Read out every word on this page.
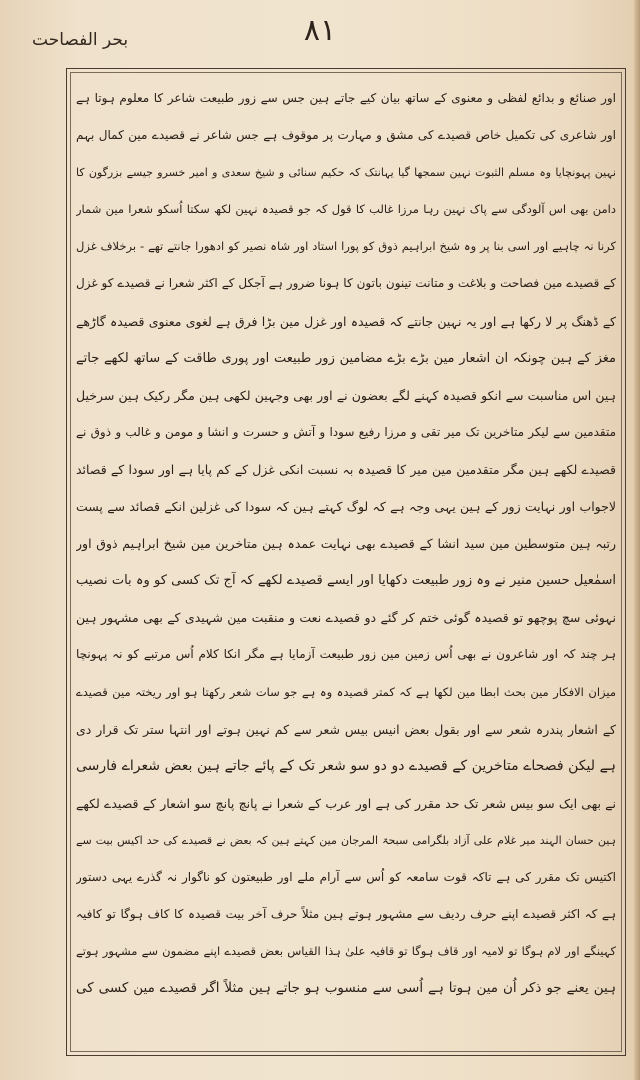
۸۱
بحر الفصاحت
اور صنائع و بدائع لفظی و معنوی کے ساتھ بیان کیے جاتے ہین جس سے زور طبیعت شاعر کا معلوم ہوتا ہے
اور شاعری کی تکمیل خاص قصیدے کی مشق و مہارت پر موقوف ہے جس شاعر نے قصیدے مین کمال بہم
نہین پہونچایا وہ مسلم الثبوت نہین سمجھا گیا یہانتک کہ حکیم سنائی و شیخ سعدی و امیر خسرو جیسے بزرگون کا
دامن بھی اس آلودگی سے پاک نہین رہا مرزا غالب کا قول کہ جو قصیدہ نہین لکھ سکتا اُسکو شعرا مین شمار
کرنا نہ چاہیے اور اسی بنا پر وہ شیخ ابراہیم ذوق کو پورا استاد اور شاہ نصیر کو ادھورا جانتے تھے - برخلاف غزل
کے قصیدے مین فصاحت و بلاغت و متانت تینون باتون کا ہونا ضرور ہے آجکل کے اکثر شعرا نے قصیدے کو غزل
کے ڈھنگ پر لا رکھا ہے اور یہ نہین جانتے کہ قصیدہ اور غزل مین بڑا فرق ہے لغوی معنوی قصیدہ گاڑھے
مغز کے ہین چونکہ ان اشعار مین بڑے بڑے مضامین زور طبیعت اور پوری طاقت کے ساتھ لکھے جاتے
ہین اس مناسبت سے انکو قصیدہ کہنے لگے بعضون نے اور بھی وجہین لکھی ہین مگر رکیک ہین سرخیل
متقدمین سے لیکر متاخرین تک میر تقی و مرزا رفیع سودا و آتش و حسرت و انشا و مومن و غالب و ذوق نے
قصیدے لکھے ہین مگر متقدمین مین میر کا قصیدہ بہ نسبت انکی غزل کے کم پایا ہے اور سودا کے قصائد
لاجواب اور نہایت زور کے ہین یہی وجہ ہے کہ لوگ کہتے ہین کہ سودا کی غزلین انکے قصائد سے پست
رتبہ ہین متوسطین مین سید انشا کے قصیدے بھی نہایت عمدہ ہین متاخرین مین شیخ ابراہیم ذوق اور
اسمٰعیل حسین منیر نے وہ زور طبیعت دکھایا اور ایسے قصیدے لکھے کہ آج تک کسی کو وہ بات نصیب
نہوئی سچ پوچھو تو قصیدہ گوئی ختم کر گئے دو قصیدے نعت و منقبت مین شہیدی کے بھی مشہور ہین
ہر چند کہ اور شاعرون نے بھی اُس زمین مین زور طبیعت آزمایا ہے مگر انکا کلام اُس مرتبے کو نہ پہونچا
میزان الافکار مین بحث ابطا مین لکھا ہے کہ کمتر قصیدہ وہ ہے جو سات شعر رکھتا ہو اور ریختہ مین قصیدے
کے اشعار پندرہ شعر سے اور بقول بعض انیس بیس شعر سے کم نہین ہوتے اور انتہا ستر تک قرار دی
ہے لیکن فصحاے متاخرین کے قصیدے دو دو سو شعر تک کے پائے جاتے ہین بعض شعراے فارسی
نے بھی ایک سو بیس شعر تک حد مقرر کی ہے اور عرب کے شعرا نے پانچ پانچ سو اشعار کے قصیدے لکھے
ہین حسان الہند میر غلام علی آزاد بلگرامی سبحۃ المرجان مین کہتے ہین کہ بعض نے قصیدے کی حد اکیس بیت سے
اکتیس تک مقرر کی ہے تاکہ قوت سامعہ کو اُس سے آرام ملے اور طبیعتون کو ناگوار نہ گذرے یہی دستور
ہے کہ اکثر قصیدے اپنے حرف ردیف سے مشہور ہوتے ہین مثلاً حرف آخر بیت قصیدہ کا کاف ہوگا تو کافیہ
کہینگے اور لام ہوگا تو لامیہ اور قاف ہوگا تو قافیہ علیٰ ہذا القیاس بعض قصیدے اپنے مضمون سے مشہور ہوتے
ہین یعنے جو ذکر اُن مین ہوتا ہے اُسی سے منسوب ہو جاتے ہین مثلاً اگر قصیدے مین کسی کی
